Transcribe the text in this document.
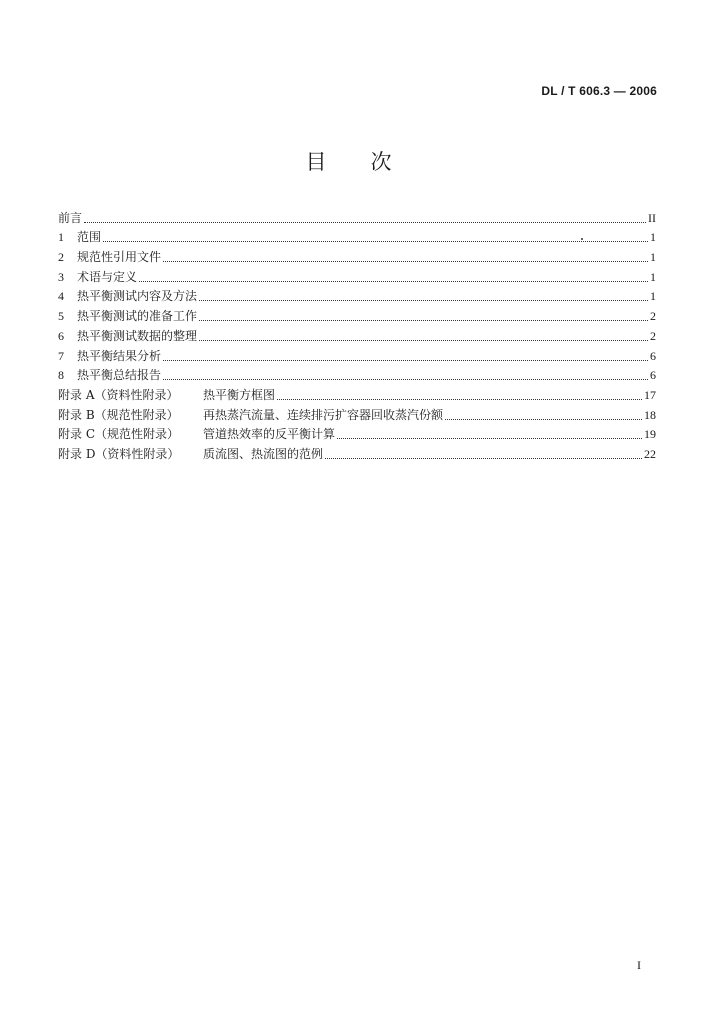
DL / T 606.3 — 2006
目次
前言	II
1	范围	1
2	规范性引用文件	1
3	术语与定义	1
4	热平衡测试内容及方法	1
5	热平衡测试的准备工作	2
6	热平衡测试数据的整理	2
7	热平衡结果分析	6
8	热平衡总结报告	6
附录 A（资料性附录）	热平衡方框图	17
附录 B（规范性附录）	再热蒸汽流量、连续排污扩容器回收蒸汽份额	18
附录 C（规范性附录）	管道热效率的反平衡计算	19
附录 D（资料性附录）	质流图、热流图的范例	22
I
